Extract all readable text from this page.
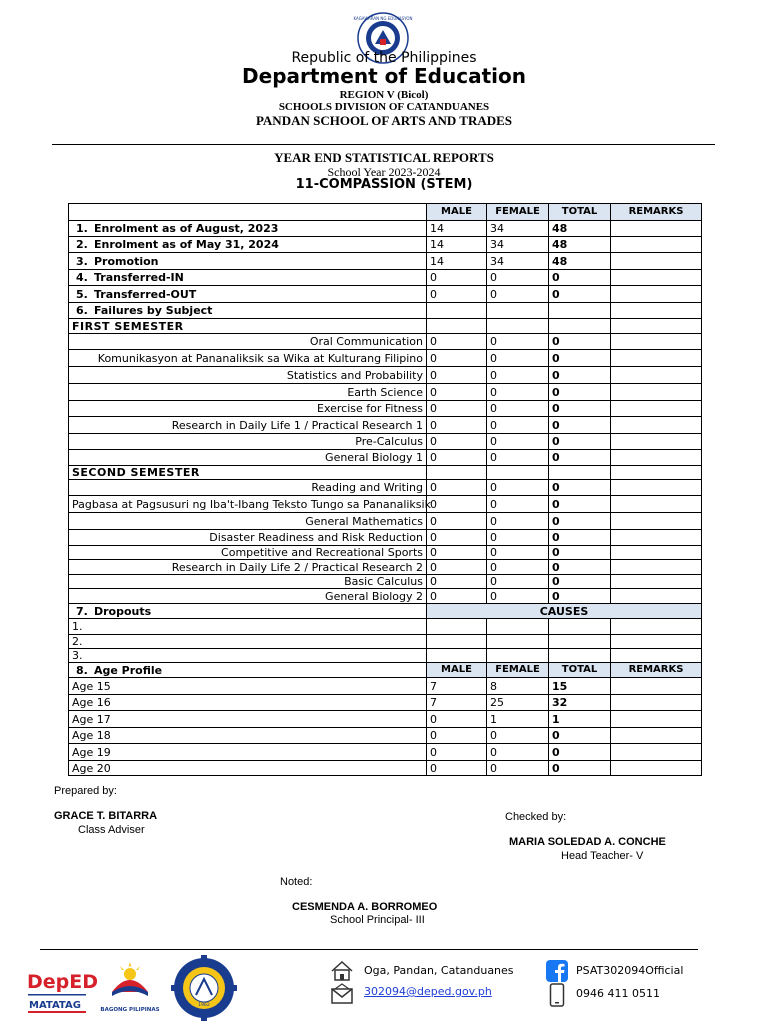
KAGAWARAN NG EDUKASYON
Republic of the Philippines
Department of Education
REGION V (Bicol)
SCHOOLS DIVISION OF CATANDUANES
PANDAN SCHOOL OF ARTS AND TRADES
YEAR END STATISTICAL REPORTS
School Year 2023-2024
11-COMPASSION (STEM)
	MALE	FEMALE	TOTAL	REMARKS
1. Enrolment as of August, 2023	14	34	48	
2. Enrolment as of May 31, 2024	14	34	48	
3. Promotion	14	34	48	
4. Transferred-IN	0	0	0	
5. Transferred-OUT	0	0	0	
6. Failures by Subject				
FIRST SEMESTER				
Oral Communication	0	0	0	
Komunikasyon at Pananaliksik sa Wika at Kulturang Filipino	0	0	0	
Statistics and Probability	0	0	0	
Earth Science	0	0	0	
Exercise for Fitness	0	0	0	
Research in Daily Life 1 / Practical Research 1	0	0	0	
Pre-Calculus	0	0	0	
General Biology 1	0	0	0	
SECOND SEMESTER				
Reading and Writing	0	0	0	
Pagbasa at Pagsusuri ng Iba't-Ibang Teksto Tungo sa Pananaliksik	0	0	0	
General Mathematics	0	0	0	
Disaster Readiness and Risk Reduction	0	0	0	
Competitive and Recreational Sports	0	0	0	
Research in Daily Life 2 / Practical Research 2	0	0	0	
Basic Calculus	0	0	0	
General Biology 2	0	0	0	
7. Dropouts	CAUSES			
1.				
2.				
3.				
8. Age Profile	MALE	FEMALE	TOTAL	REMARKS
Age 15	7	8	15	
Age 16	7	25	32	
Age 17	0	1	1	
Age 18	0	0	0	
Age 19	0	0	0	
Age 20	0	0	0	
Prepared by:
GRACE T. BITARRA
Class Adviser
Checked by:
MARIA SOLEDAD A. CONCHE
Head Teacher- V
Noted:
CESMENDA A. BORROMEO
School Principal- III
DepED
MATATAG	BAGONG PILIPINAS
1962
Oga, Pandan, Catanduanes
302094@deped.gov.ph
PSAT302094Official
0946 411 0511
